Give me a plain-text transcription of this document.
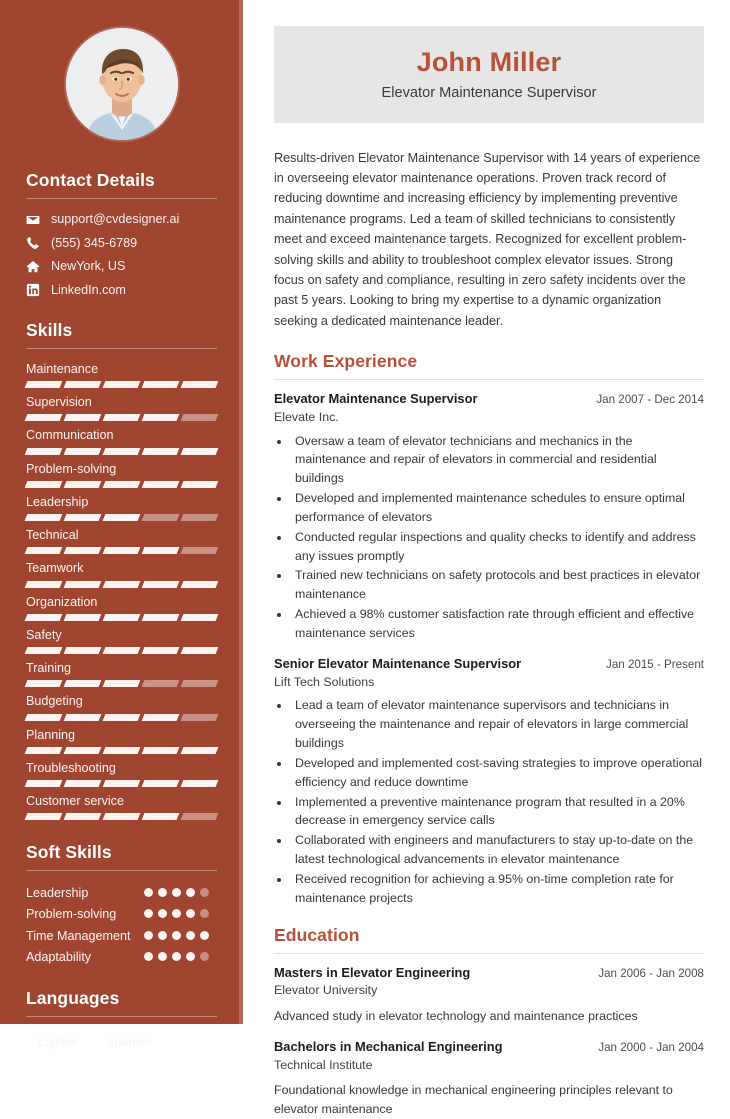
Contact Details
support@cvdesigner.ai
(555) 345-6789
NewYork, US
LinkedIn.com
Skills
Maintenance
Supervision
Communication
Problem-solving
Leadership
Technical
Teamwork
Organization
Safety
Training
Budgeting
Planning
Troubleshooting
Customer service
Soft Skills
Leadership
Problem-solving
Time Management
Adaptability
Languages
English	Spanish
John Miller
Elevator Maintenance Supervisor

Results-driven Elevator Maintenance Supervisor with 14 years of experience in overseeing elevator maintenance operations. Proven track record of reducing downtime and increasing efficiency by implementing preventive maintenance programs. Led a team of skilled technicians to consistently meet and exceed maintenance targets. Recognized for excellent problem-solving skills and ability to troubleshoot complex elevator issues. Strong focus on safety and compliance, resulting in zero safety incidents over the past 5 years. Looking to bring my expertise to a dynamic organization seeking a dedicated maintenance leader.

Work Experience
Elevator Maintenance Supervisor	Jan 2007 - Dec 2014
Elevate Inc.
• Oversaw a team of elevator technicians and mechanics in the maintenance and repair of elevators in commercial and residential buildings
• Developed and implemented maintenance schedules to ensure optimal performance of elevators
• Conducted regular inspections and quality checks to identify and address any issues promptly
• Trained new technicians on safety protocols and best practices in elevator maintenance
• Achieved a 98% customer satisfaction rate through efficient and effective maintenance services
Senior Elevator Maintenance Supervisor	Jan 2015 - Present
Lift Tech Solutions
• Lead a team of elevator maintenance supervisors and technicians in overseeing the maintenance and repair of elevators in large commercial buildings
• Developed and implemented cost-saving strategies to improve operational efficiency and reduce downtime
• Implemented a preventive maintenance program that resulted in a 20% decrease in emergency service calls
• Collaborated with engineers and manufacturers to stay up-to-date on the latest technological advancements in elevator maintenance
• Received recognition for achieving a 95% on-time completion rate for maintenance projects
Education
Masters in Elevator Engineering	Jan 2006 - Jan 2008
Elevator University
Advanced study in elevator technology and maintenance practices
Bachelors in Mechanical Engineering	Jan 2000 - Jan 2004
Technical Institute
Foundational knowledge in mechanical engineering principles relevant to elevator maintenance
